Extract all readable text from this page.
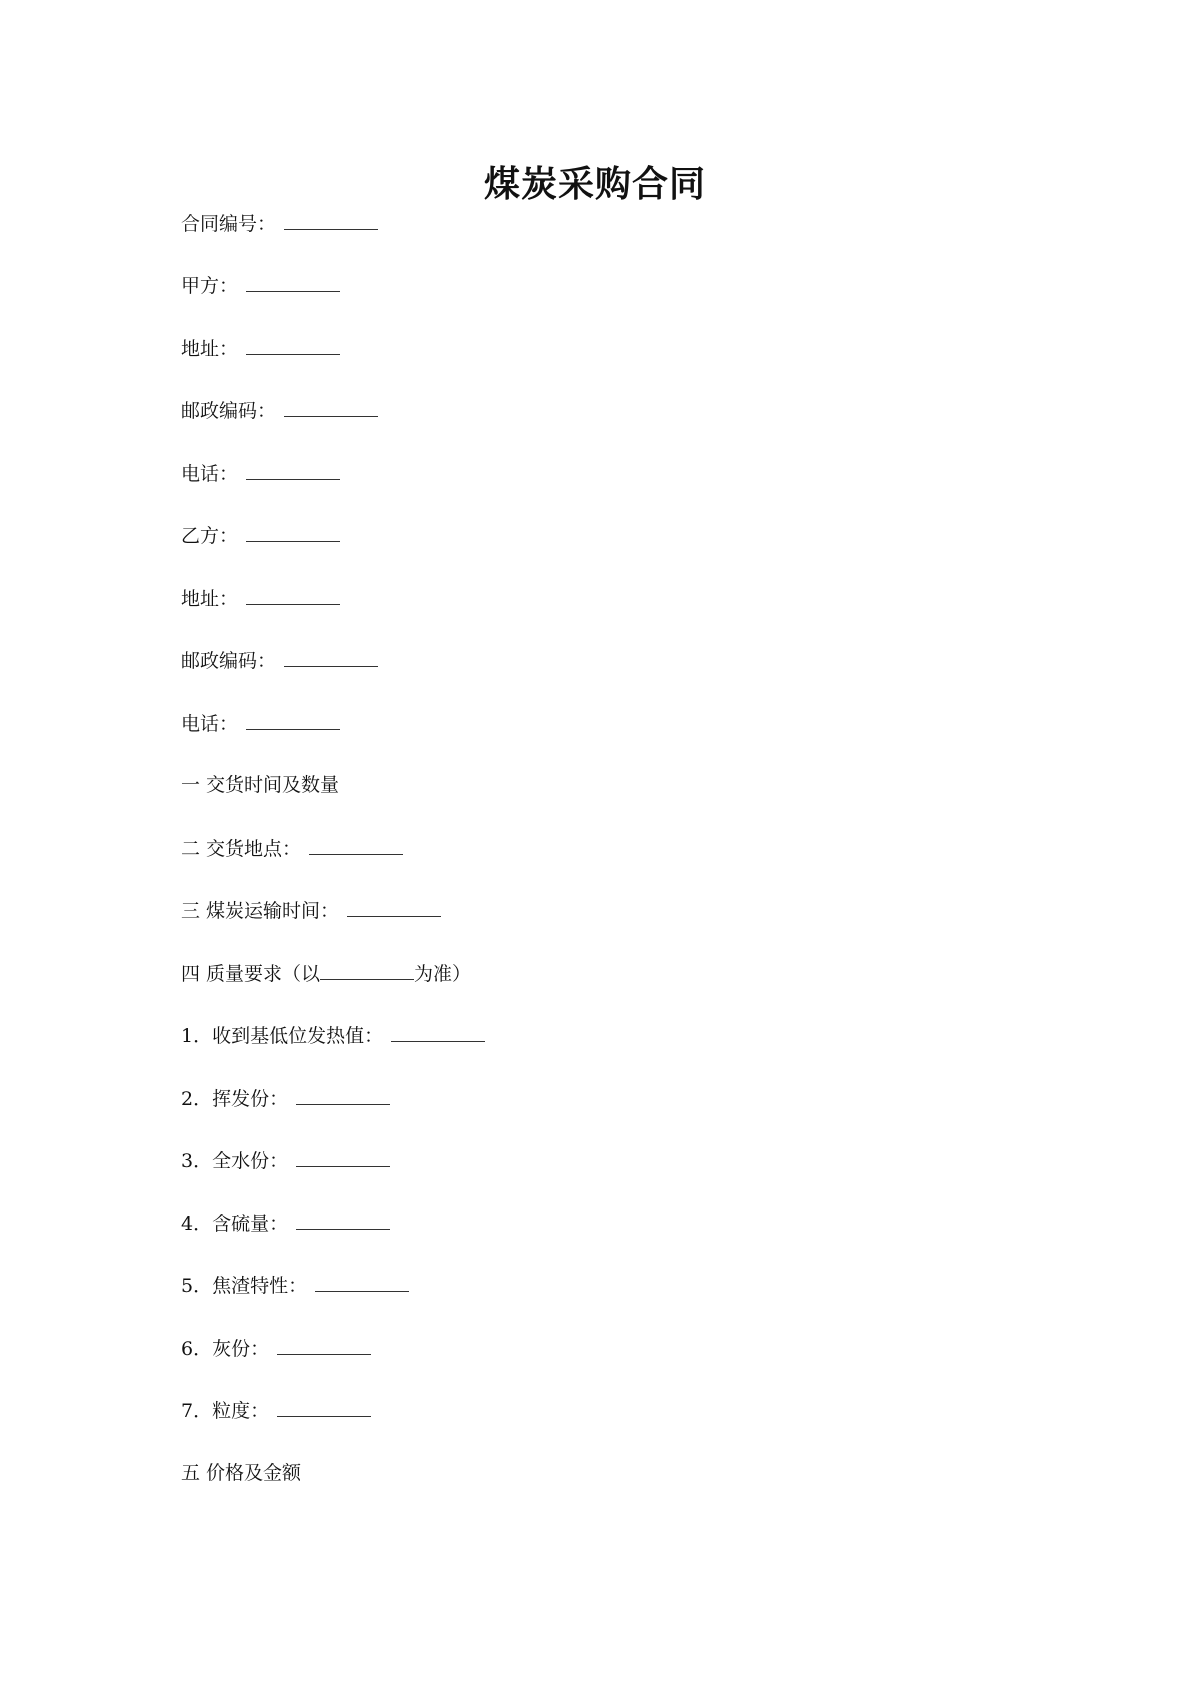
煤炭采购合同
合同编号：
甲方：
地址：
邮政编码：
电话：
乙方：
地址：
邮政编码：
电话：
一 交货时间及数量
二 交货地点：
三 煤炭运输时间：
四 质量要求（以	为准）
1．收到基低位发热值：
2．挥发份：
3．全水份：
4．含硫量：
5．焦渣特性：
6．灰份：
7．粒度：
五 价格及金额
